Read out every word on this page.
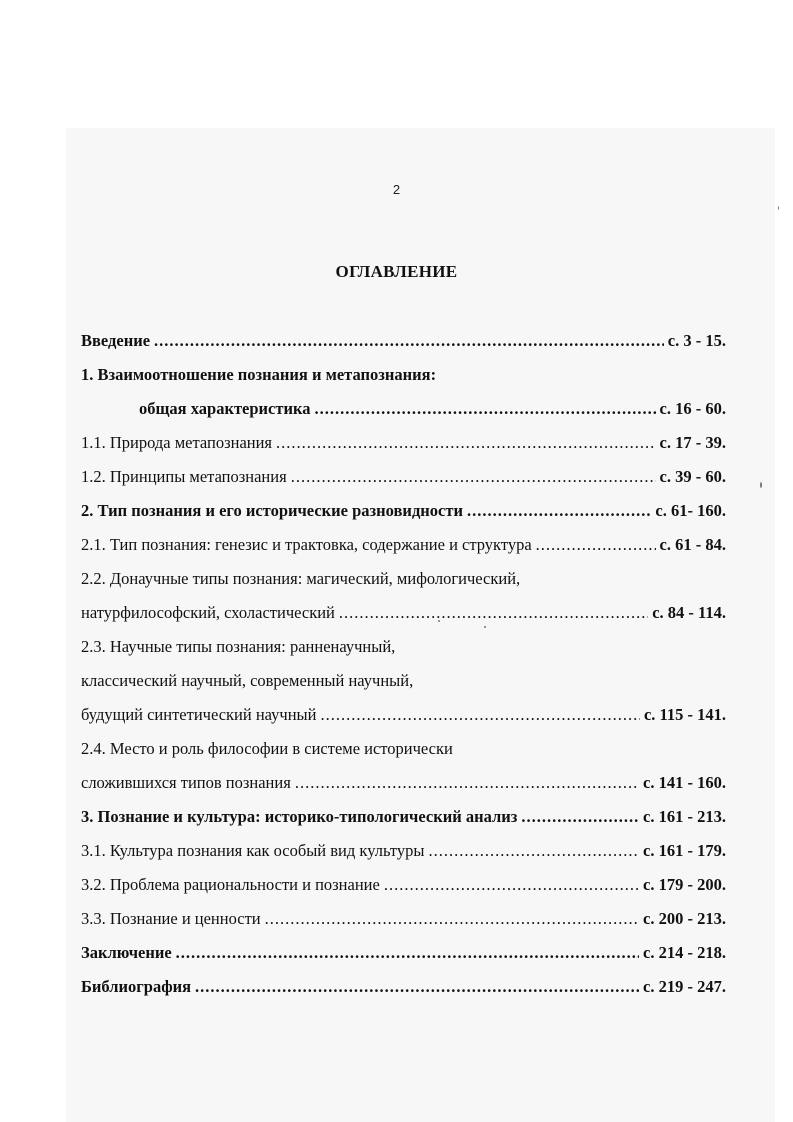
2
ОГЛАВЛЕНИЕ
Введение .....	с. 3 - 15.
1. Взаимоотношение познания и метапознания:
общая характеристика .....	с. 16 - 60.
1.1. Природа метапознания .....	с. 17 - 39.
1.2. Принципы метапознания .....	с. 39 - 60.
2. Тип познания и его исторические разновидности .....	с. 61- 160.
2.1. Тип познания: генезис и трактовка, содержание и структура .....	с. 61 - 84.
2.2. Донаучные типы познания: магический, мифологический,
натурфилософский, схоластический .....	с. 84 - 114.
2.3. Научные типы познания: ранненаучный,
классический научный, современный научный,
будущий синтетический научный .....	с. 115 - 141.
2.4. Место и роль философии в системе исторически
сложившихся типов познания .....	с. 141 - 160.
3. Познание и культура: историко-типологический анализ .....	с. 161 - 213.
3.1. Культура познания как особый вид культуры .....	с. 161 - 179.
3.2. Проблема рациональности и познание .....	с. 179 - 200.
3.3. Познание и ценности .....	с. 200 - 213.
Заключение .....	с. 214 - 218.
Библиография .....	с. 219 - 247.
